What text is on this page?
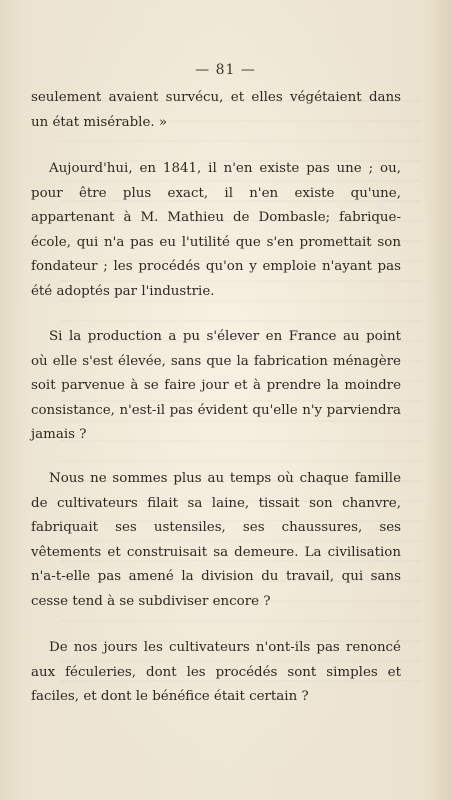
— 81 —

seulement avaient survécu, et elles végétaient dans un état misérable. »

Aujourd'hui, en 1841, il n'en existe pas une ; ou, pour être plus exact, il n'en existe qu'une, appartenant à M. Mathieu de Dombasle; fabrique-école, qui n'a pas eu l'utilité que s'en promettait son fondateur ; les procédés qu'on y emploie n'ayant pas été adoptés par l'industrie.

Si la production a pu s'élever en France au point où elle s'est élevée, sans que la fabrication ménagère soit parvenue à se faire jour et à prendre la moindre consistance, n'est-il pas évident qu'elle n'y parviendra jamais ?

Nous ne sommes plus au temps où chaque famille de cultivateurs filait sa laine, tissait son chanvre, fabriquait ses ustensiles, ses chaussures, ses vêtements et construisait sa demeure. La civilisation n'a-t-elle pas amené la division du travail, qui sans cesse tend à se subdiviser encore ?

De nos jours les cultivateurs n'ont-ils pas renoncé aux féculeries, dont les procédés sont simples et faciles, et dont le bénéfice était certain ?
